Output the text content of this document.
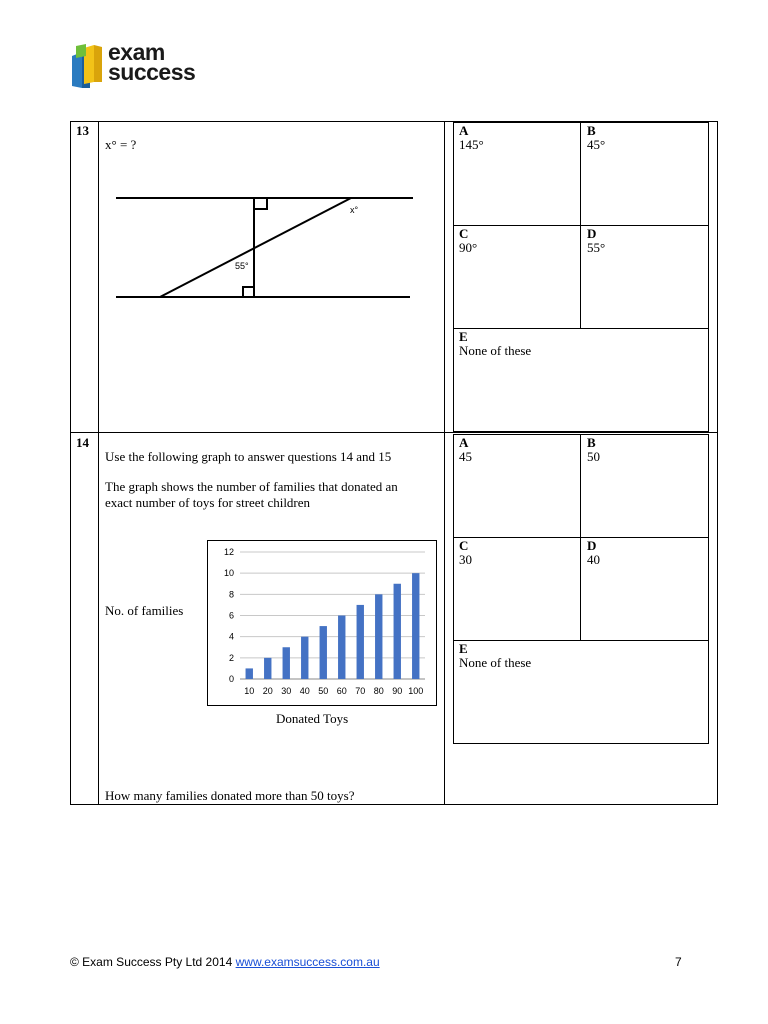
exam
success
13
x° = ?
x°
55°
A
145°
B
45°
C
90°
D
55°
E
None of these
14
Use the following graph to answer questions 14 and 15
The graph shows the number of families that donated an
exact number of toys for street children
No. of families
Donated Toys
How many families donated more than 50 toys?
0
2
4
6
8
10
12
10 20 30 40 50 60 70 80 90 100
A
45
B
50
C
30
D
40
E
None of these
© Exam Success Pty Ltd 2014 www.examsuccess.com.au	7
